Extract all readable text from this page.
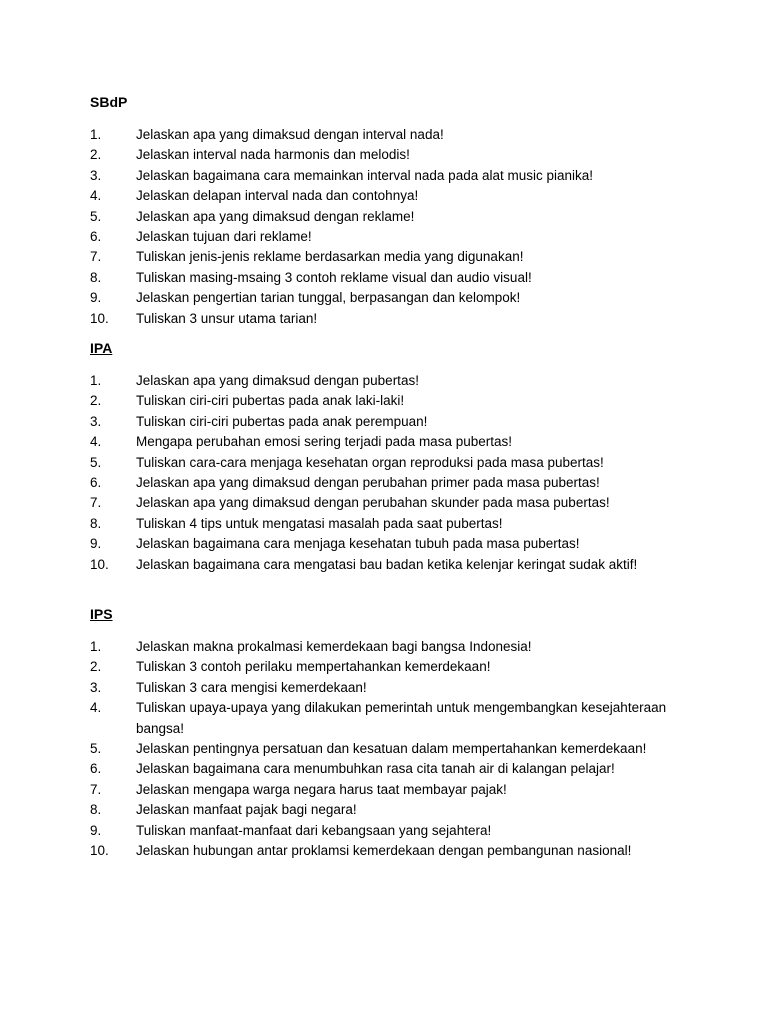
SBdP
1.	Jelaskan apa yang dimaksud dengan interval nada!
2.	Jelaskan interval nada harmonis dan melodis!
3.	Jelaskan bagaimana cara memainkan interval nada pada alat music pianika!
4.	Jelaskan delapan interval nada dan contohnya!
5.	Jelaskan apa yang dimaksud dengan reklame!
6.	Jelaskan tujuan dari reklame!
7.	Tuliskan jenis-jenis reklame berdasarkan media yang digunakan!
8.	Tuliskan masing-msaing 3 contoh reklame visual dan audio visual!
9.	Jelaskan pengertian tarian tunggal, berpasangan dan kelompok!
10.	Tuliskan 3 unsur utama tarian!
IPA
1.	Jelaskan apa yang dimaksud dengan pubertas!
2.	Tuliskan ciri-ciri pubertas pada anak laki-laki!
3.	Tuliskan ciri-ciri pubertas pada anak perempuan!
4.	Mengapa perubahan emosi sering terjadi pada masa pubertas!
5.	Tuliskan cara-cara menjaga kesehatan organ reproduksi pada masa pubertas!
6.	Jelaskan apa yang dimaksud dengan perubahan primer pada masa pubertas!
7.	Jelaskan apa yang dimaksud dengan perubahan skunder pada masa pubertas!
8.	Tuliskan 4 tips untuk mengatasi masalah pada saat pubertas!
9.	Jelaskan bagaimana cara menjaga kesehatan tubuh pada masa pubertas!
10.	Jelaskan bagaimana cara mengatasi bau badan ketika kelenjar keringat sudak aktif!
IPS
1.	Jelaskan makna prokalmasi kemerdekaan bagi bangsa Indonesia!
2.	Tuliskan 3 contoh perilaku mempertahankan kemerdekaan!
3.	Tuliskan 3 cara mengisi kemerdekaan!
4.	Tuliskan upaya-upaya yang dilakukan pemerintah untuk mengembangkan kesejahteraan bangsa!
5.	Jelaskan pentingnya persatuan dan kesatuan dalam mempertahankan kemerdekaan!
6.	Jelaskan bagaimana cara menumbuhkan rasa cita tanah air di kalangan pelajar!
7.	Jelaskan mengapa warga negara harus taat membayar pajak!
8.	Jelaskan manfaat pajak bagi negara!
9.	Tuliskan manfaat-manfaat dari kebangsaan yang sejahtera!
10.	Jelaskan hubungan antar proklamsi kemerdekaan dengan pembangunan nasional!
